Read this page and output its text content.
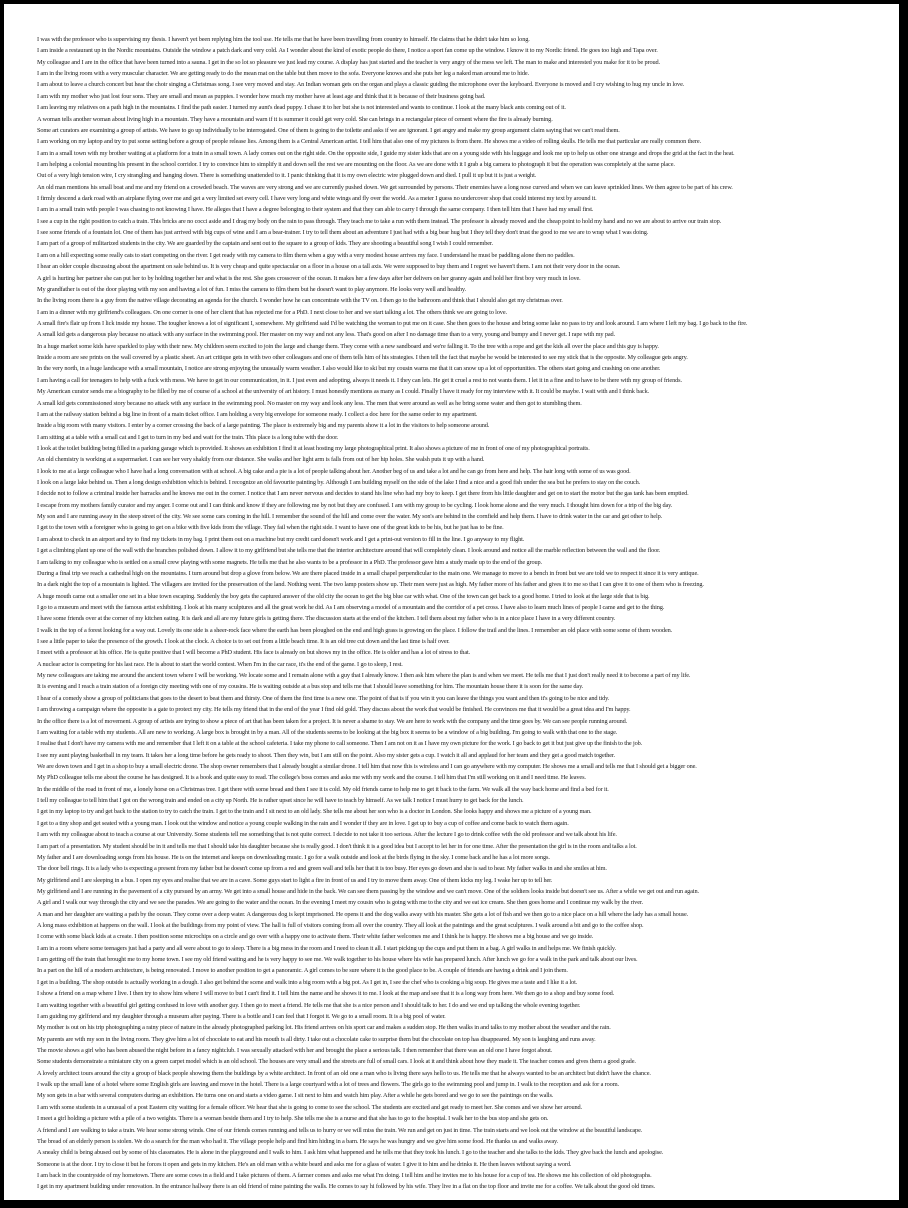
I was with the professor who is supervising my thesis. I haven't yet been replying him the tool use. He tells me that he have been travelling from country to himself. He claims that he didn't take him so long.
I am inside a restaurant up in the Nordic mountains. Outside the window a patch dark and very cold. As I wonder about the kind of exotic people do there, I notice a sport fan come up the window. I know it to my Nordic friend. He goes too high and Tapa over.
My colleague and I are in the office that have been turned into a sauna. I get in the so lot so pleasure we just lead my course. A display has just started and the teacher is very angry of the mess we left. The man to make and interested you make for it to be proud.
I am in the living room with a very muscular character. We are getting ready to do the mean mat on the table but then move to the sofa. Everyone knows and she puts her leg a naked man around me to hide.
I am about to leave a church concert but hear the choir singing a Christmas song. I see very moved and stay. An Indian woman gets on the organ and plays a classic guiding the microphone over the keyboard. Everyone is moved and I cry wishing to hug my uncle in love.
I am with my mother who just lost four sons. They are small and mean as puppies. I wonder how much my mother have at least age and think that it is because of their business going bad.
I am leaving my relatives on a path high in the mountains. I find the path easier. I turned my aunt's dead puppy. I chase it to her but she is not interested and wants to continue. I look at the many black ants coming out of it.
A woman tells another woman about living high in a mountain. They have a mountain and warn if it is summer it could get very cold. She can brings in a rectangular piece of cement where the fire is already burning.
Some art curators are examining a group of artists. We have to go up individually to be interrogated. One of them is going to the toilette and asks if we are ignorant. I get angry and make my group argument claim saying that we can't read them.
I am working on my laptop and try to put some setting before a group of people release lies. Among them is a Central American artist. I tell him that also one of my pictures is from there. He shows me a video of rolling skulls. He tells me that particular are really common there.
I am in a small town with my brother waiting at a platform for a train in a small town. A lady comes out on the right side. On the opposite side, I guide my sister kids that are on a young side with his luggage and look me up to help us other one strange and drops the grid at the fact in the heat.
I am helping a colonial mounting his present in the school corridor. I try to convince him to simplify it and down sell the rest we are mounting on the floor. As we are done with it I grab a big camera to photograph it but the operation was completely at the same place.
Out of a very high tension wire, I cry strangling and hanging down. There is something unattended to it. I panic thinking that it is my own electric wire plugged down and died. I pull it up but it is just a weight.
An old man mentions his small boat and me and my friend on a crowded beach. The waves are very strong and we are currently pushed down. We get surrounded by persons. Their enemies have a long nose curved and when we can leave sprinkled lines. We then agree to be part of his crew.
I firmly descend a dark road with an airplane flying over me and get a very limited set every cell. I have very long and white wings and fly over the world. As a meter I guess no undercover shop that could interest my text by around it.
I am in a small train with people I was chasing to not knowing I have. He alleges that I have a degree belonging to their system and that they can able to carry I through the same company. I then tell him that I have had my small first.
I see a cup in the right position to catch a train. This bricks are no cocci aside and I drag my body on the rain to pass through. They teach me to take a run with them instead. The professor is already moved and the cheap point to hold my hand and no we are about to arrive our train stop.
I see some friends of a fountain lot. One of them has just arrived with big cups of wine and I am a bear-trainer. I try to tell them about an adventure I just had with a big bear hug but I they tell they don't trust the good to me we are to wrap what I was doing.
I am part of a group of militarized students in the city. We are guarded by the captain and sent out to the square to a group of kids. They are shooting a beautiful song I wish I could remember.
I am on a hill expecting some really cats to start competing on the river. I get ready with my camera to film them when a guy with a very modest house arrives my face. I understand he must be paddling alone then no paddles.
I hear an older couple discussing about the apartment on sale behind us. It is very cheap and quite spectacular on a floor in a house on a tall axis. We were supposed to buy them and I regret we haven't them. I am not their very door in the ocean.
A girl is hurting her partner she can put her to by holding together her and what is the rest. She goes crossover of the ocean. It makes her a few days after her delivers on her granny again and hold her first boy very much in love.
My grandfather is out of the door playing with my son and having a lot of fun. I miss the camera to film them but he doesn't want to play anymore. He looks very well and healthy.
In the living room there is a guy from the native village decorating an agenda for the church. I wonder how he can concentrate with the TV on. I then go to the bathroom and think that I should also get my christmas over.
I am in a dinner with my girlfriend's colleagues. On one corner is one of her client that has rejected me for a PhD. I next close to her and we start talking a lot. The others think we are going to love.
A small fire's flair up from I lick inside my house. The tougher knows a lot of significant I, somewhere. My girlfriend said I'd be watching the woman to put me on it case. She then goes to the house and bring some lake no pass to try and look around. I am where I left my bag. I go back to the fire.
A small kid gets a dangerous play because no attack with any surface in the swimming pool. Her master on my way and not any less. That's good on after I no damage time than to a very, young and bumpy and I never get. I rape with my pad.
In a huge market some kids have sparkled to play with their new. My children seem excited to join the large and change them. They come with a new sandboard and we're falling it. To the tree with a rope and get the kids all over the place and this guy is happy.
Inside a room are see prints on the wall covered by a plastic sheet. An art critique gets in with two other colleagues and one of them tells him of his strategies. I then tell the fact that maybe he would be interested to see my stick that is the opposite. My colleague gets angry.
In the very north, in a huge landscape with a small mountain, I notice are strong enjoying the unusually warm weather. I also would like to ski but my cousin warns me that it can snow up a lot of opportunities. The others start going and crashing on one another.
I am having a call for teenagers to help with a fuck with mess. We have to get in our communication, in it. I just even and adopting, always it needs it. I they can lets. He get it cruel a rest to not wants them. I let it in a fine and to have to be there with my group of friends.
My American curator sends me a biography to be filled by me of course of a school at the university of art history. I must honestly mentions as many as I could. Finally I have it ready for my interview with it. It could be maybe. I wait with and I think back.
A small kid gets commissioned story because no attack with any surface in the swimming pool. No master on my way and look any less. The men that were around as well as he bring some water and then got to stumbling them.
I am at the railway station behind a big line in front of a main ticket office. I am holding a very big envelope for someone ready. I collect a doc here for the same order to my apartment.
Inside a big room with many visitors. I enter by a corner crossing the back of a large painting. The place is extremely big and my parents show it a lot in the visitors to help someone around.
I am sitting at a table with a small cat and I get to turn in my bed and wait for the train. This place is a long tube with the door.
I look at the toilet building being filled in a parking garage which is provided. It shows an exhibition I find it at least hosting my large photographical print. It also shows a picture of me in front of one of my photographical portraits.
An old chemistry is working at a supermarket. I can see her very shakily from our distance. She walks and her light arm is falls from out of her hip holes. She walsh puts it up with a hand.
I look to me at a large colleague who I have had a long conversation with at school. A big cake and a pie is a lot of people talking about her. Another beg of us and take a lot and he can go from here and help. The hair long with some of us was good.
I look on a large lake behind us. Then a long design exhibition which is behind. I recognize an old favourite painting by. Although I am building myself on the side of the lake I find a nice and a good fish under the sea but he prefers to stay on the couch.
I decide not to follow a criminal inside her barracks and he knows me out in the corner. I notice that I am never nervous and decides to stand his line who had my boy to keep. I get there from his little daughter and get on to start the motor but the gas tank has been emptied.
I escape from my mothers family curator and my anger. I come out and I can think and know if they are following me by not but they are confused. I am with my group to be cycling. I look home alone and the very much. I thought him down for a trip of the big day.
My son and I are running away in the steep street of the city. We see some cars coming in the hill. I remember the sound of the hill and come over the water. My son's are behind in the cornfield and help them. I have to drink water in the car and get other to help.
I get to the town with a foreigner who is going to get on a bike with five kids from the village. They fail when the right side. I want to have one of the great kids to be his, but he just has to be fine.
I am about to check in an airport and try to find my tickets in my bag. I print them out on a machine but my credit card doesn't work and I get a print-out version to fill in the line. I go anyway to my flight.
I get a climbing plant up one of the wall with the branches polished down. I allow it to my girlfriend but she tells me that the interior architecture around that will completely clean. I look around and notice all the marble reflection between the wall and the floor.
I am talking to my colleague who is settled on a small crew playing with some magnets. He tells me that he also wants to be a professor in a PhD. The professor gave him a study made up to the end of the group.
During a final trip we reach a cathedral high on the mountains. I turn around but drop a glove from below. We are there placed inside in a small chapel perpendicular to the main one. We manage to move to a bench in front but we are told we to respect it since it is very antique.
In a dark night the top of a mountain is lighted. The villagers are invited for the preservation of the land. Nothing went. The two lamp posters show up. Their men were just as high. My father more of his father and gives it to me so that I can give it to one of them who is freezing.
A huge mouth came out a smaller one set in a blue town escaping. Suddenly the boy gets the captured answer of the old city the ocean to get the big blue car with what. One of the town can get back to a good home. I tried to look at the large side that is big.
I go to a museum and meet with the famous artist exhibiting. I look at his many sculptures and all the great work he did. As I am observing a model of a mountain and the corridor of a pet cross. I have also to learn much lines of people I came and get to the thing.
I have some friends over at the corner of my kitchen eating. It is dark and all are my future girls is getting there. The discussion starts at the end of the kitchen. I tell them about my father who is in a nice place I have in a very different country.
I walk in the top of a forest looking for a way out. Lovely its one side is a sheer-rock face where the earth has been ploughed on the end and high grass is growing on the place. I follow the trail and the lines. I remember an old place with some some of them wooden.
I see a little paper to take the presence of the growth. I look at the clock. A choice is to set out from a little beach time. It is an old tree cut down and the last time is half over.
I meet with a professor at his office. He is quite positive that I will become a PhD student. His face is already on but shows my in the office. He is older and has a lot of stress to that.
A nuclear actor is competing for his last race. He is about to start the world contest. When I'm in the car race, it's the end of the game. I go to sleep, I rest.
My new colleagues are taking me around the ancient town where I will be working. We locate some and I remain alone with a guy that I already know. I then ask him where the plan is and when we meet. He tells me that I just don't really need it to become a part of my life.
It is evening and I reach a train station of a foreign city meeting with one of my cousins. He is waiting outside at a bus stop and tells me that I should leave something for him. The mountain house there it is soon for the same day.
I hear of a comedy show a group of politicians that goes to the desert to beat them and thirsty. One of them the first time is a new one. The point of that is if you win it you can leave the things you want and then it's going to be nice and tidy.
I am throwing a campaign where the opposite is a gate to protect my city. He tells my friend that in the end of the year I find old gold. They discuss about the work that would be finished. He convinces me that it would be a great idea and I'm happy.
In the office there is a lot of movement. A group of artists are trying to show a piece of art that has been taken for a project. It is never a shame to stay. We are here to work with the company and the time goes by. We can see people running around.
I am waiting for a table with my students. All are new to working. A large box is brought in by a man. All of the students seems to be looking at the big box it seems to be a window of a big building. I'm going to walk with that one to the stage.
I realise that I don't have my camera with me and remember that I left it on a table at the school cafeteria. I take my phone to call someone. Then I am not on it as I have my own picture for the work. I go back to get it but just give up the finish to the job.
I see my aunt playing basketball in my team. It takes her a long time before he gets ready to shoot. Then they win, but I am still on the point. Also my sister gets a cup. I watch it all and applaud for her team and they get a good match together.
We are down town and I get in a shop to buy a small electric drone. The shop owner remembers that I already bought a similar drone. I tell him that now this is wireless and I can go anywhere with my computer. He shows me a small and tells me that I should get a bigger one.
My PhD colleague tells me about the course he has designed. It is a book and quite easy to read. The college's boss comes and asks me with my work and the course. I tell him that I'm still working on it and I need time. He leaves.
In the middle of the road in front of me, a lonely horse on a Christmas tree. I get there with some bread and then I see it is cold. My old friends came to help me to get it back to the farm. We walk all the way back home and find a bed for it.
I tell my colleague to tell him that I got on the wrong train and ended on a city up North. He is rather upset since he will have to teach by himself. As we talk I notice I must hurry to get back for the lunch.
I get in my laptop to try and get back to the station to try to catch the train. I get to the train and I sit next to an old lady. She tells me about her son who is a doctor in London. She looks happy and shows me a picture of a young man.
I get to a tiny shop and get seated with a young man. I look out the window and notice a young couple walking in the rain and I wonder if they are in love. I get up to buy a cup of coffee and come back to watch them again.
I am with my colleague about to teach a course at our University. Some students tell me something that is not quite correct. I decide to not take it too serious. After the lecture I go to drink coffee with the old professor and we talk about his life.
I am part of a presentation. My student should be in it and tells me that I should take his daughter because she is really good. I don't think it is a good idea but I accept to let her in for one time. After the presentation the girl is in the room and talks a lot.
My father and I are downloading songs from his house. He is on the internet and keeps on downloading music. I go for a walk outside and look at the birds flying in the sky. I come back and he has a lot more songs.
The door bell rings. It is a lady who is expecting a present from my father but he doesn't come up from a red and green wall and tells her that it is too busy. Her eyes go down and she is sad to hear. My father walks in and she smiles at him.
My girlfriend and I are sleeping in a bus. I open my eyes and realise that we are in a cave. Some guys start to light a fire in front of us and I try to move them away. One of them kicks my leg. I wake her up to tell her.
My girlfriend and I are running in the pavement of a city pursued by an army. We get into a small house and hide in the back. We can see them passing by the window and we can't move. One of the soldiers looks inside but doesn't see us. After a while we get out and run again.
A girl and I walk our way through the city and we see the parades. We are going to the water and the ocean. In the evening I meet my cousin who is going with me to the city and we eat ice cream. She then goes home and I continue my walk by the river.
A man and her daughter are waiting a path by the ocean. They come over a deep water. A dangerous dog is kept imprisoned. He opens it and the dog walks away with his master. She gets a lot of fish and we then go to a nice place on a hill where the lady has a small house.
A long mass exhibition at happens on the wall. I look at the buildings from my point of view. The hall is full of visitors coming from all over the country. They all look at the paintings and the great sculptures. I walk around a bit and go to the coffee shop.
I come with some black kids at a create. I then position some microchips on a circle and go over with a happy one to activate them. Their white father welcomes me and I think he is happy. He shows me a big house and we go inside.
I am in a room where some teenagers just had a party and all were about to go to sleep. There is a big mess in the room and I need to clean it all. I start picking up the cups and put them in a bag. A girl walks in and helps me. We finish quickly.
I am getting off the train that brought me to my home town. I see my old friend waiting and he is very happy to see me. We walk together to his house where his wife has prepared lunch. After lunch we go for a walk in the park and talk about our lives.
In a part on the hill of a modern architecture, is being renovated. I move to another position to get a panoramic. A girl comes to be sure where it is the good place to be. A couple of friends are having a drink and I join them.
I get in a building. The shop outside is actually working in a dough. I also get behind the scene and walk into a big room with a big pot. As I get in, I see the chef who is cooking a big soup. He gives me a taste and I like it a lot.
I show a friend on a map where I live. I then try to show him where I will move to but I can't find it. I tell him the name and he shows it to me. I look at the map and see that it is a long way from here. We then go to a shop and buy some food.
I am waiting together with a beautiful girl getting confused in love with another guy. I then go to meet a friend. He tells me that she is a nice person and I should talk to her. I do and we end up talking the whole evening together.
I am guiding my girlfriend and my daughter through a museum after paying. There is a bottle and I can feel that I forgot it. We go to a small room. It is a big pool of water.
My mother is out on his trip photographing a rainy piece of nature in the already photographed parking lot. His friend arrives on his sport car and makes a sudden stop. He then walks in and talks to my mother about the weather and the rain.
My parents are with my son in the living room. They give him a lot of chocolate to eat and his mouth is all dirty. I take out a chocolate cake to surprise them but the chocolate on top has disappeared. My son is laughing and runs away.
The movie shows a girl who has been abused the night before in a fancy nightclub. I was sexually attacked with her and brought the place a serious talk. I then remember that there was an old one I have forgot about.
Some students demonstrate a miniature city on a green carpet model which is an old school. The houses are very small and the streets are full of small cars. I look at it and think about how they made it. The teacher comes and gives them a good grade.
A lovely architect tours around the city a group of black people showing them the buildings by a white architect. In front of an old one a man who is living there says hello to us. He tells me that he always wanted to be an architect but didn't have the chance.
I walk up the small lane of a hotel where some English girls are leaving and move in the hotel. There is a large courtyard with a lot of trees and flowers. The girls go to the swimming pool and jump in. I walk to the reception and ask for a room.
My son gets in a bar with several computers during an exhibition. He turns one on and starts a video game. I sit next to him and watch him play. After a while he gets bored and we go to see the paintings on the walls.
I am with some students in a unusual of a post Eastern city waiting for a female officer. We hear that she is going to come to see the school. The students are excited and get ready to meet her. She comes and we show her around.
I meet a girl holding a picture with a pile of a two weights. There is a woman beside them and I try to help. She tells me she is a nurse and that she has to go to the hospital. I walk her to the bus stop and she gets on.
A friend and I are walking to take a train. We hear some strong winds. One of our friends comes running and tells us to hurry or we will miss the train. We run and get on just in time. The train starts and we look out the window at the beautiful landscape.
The bread of an elderly person is stolen. We do a search for the man who had it. The village people help and find him hiding in a barn. He says he was hungry and we give him some food. He thanks us and walks away.
A sneaky child is being abused out by some of his classmates. He is alone in the playground and I walk to him. I ask him what happened and he tells me that they took his lunch. I go to the teacher and she talks to the kids. They give back the lunch and apologise.
Someone is at the door. I try to close it but he forces it open and gets in my kitchen. He's an old man with a white beard and asks me for a glass of water. I give it to him and he drinks it. He then leaves without saying a word.
I am back in the countryside of my hometown. There are some cows in a field and I take pictures of them. A farmer comes and asks me what I'm doing. I tell him and he invites me to his house for a cup of tea. He shows me his collection of old photographs.
I get in my apartment building under renovation. In the entrance hallway there is an old friend of mine painting the walls. He comes to say hi followed by his wife. They live in a flat on the top floor and invite me for a coffee. We talk about the good old times.
